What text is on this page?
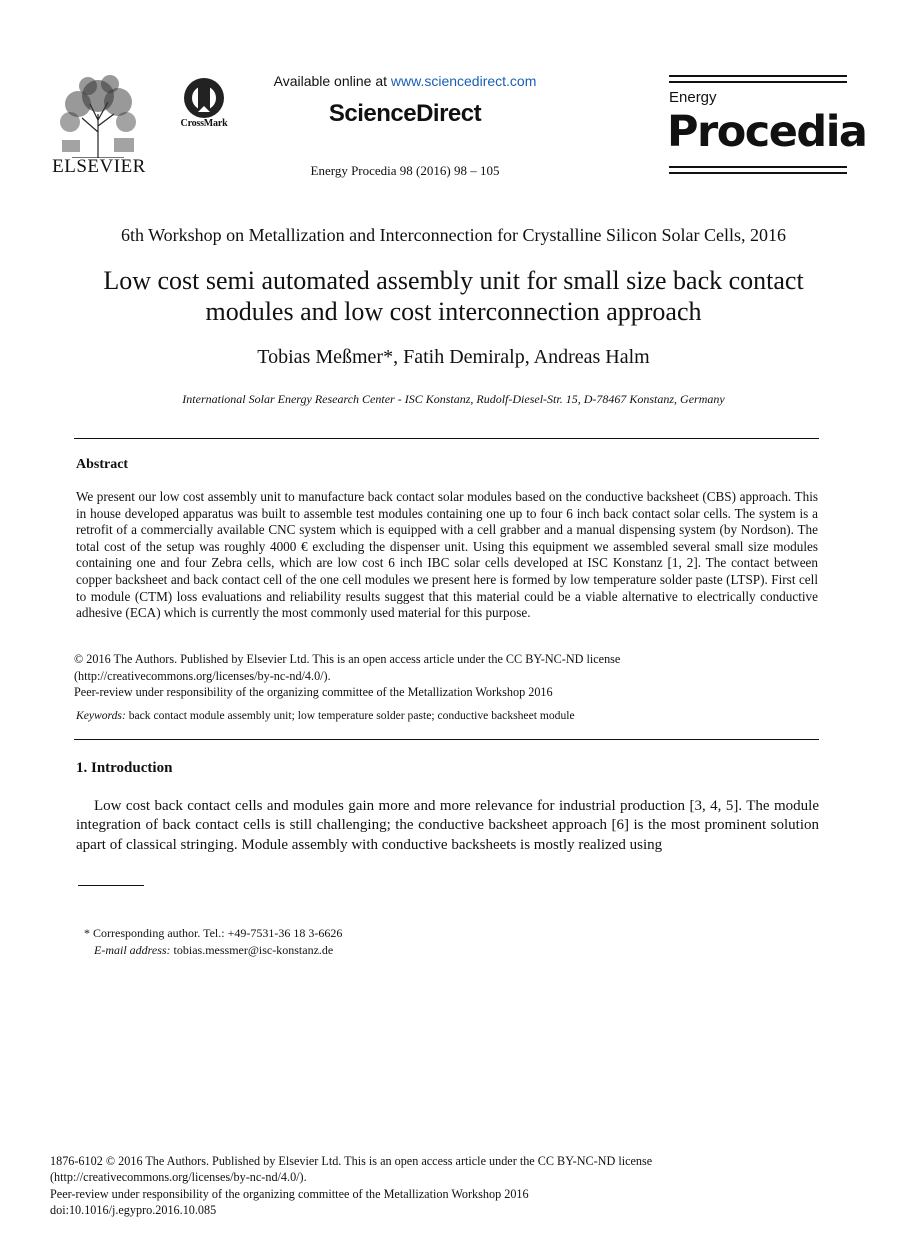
ELSEVIER
CrossMark
Available online at www.sciencedirect.com
ScienceDirect
Energy Procedia 98 (2016) 98 – 105
Energy
Procedia
6th Workshop on Metallization and Interconnection for Crystalline Silicon Solar Cells, 2016
Low cost semi automated assembly unit for small size back contact
modules and low cost interconnection approach
Tobias Meßmer*, Fatih Demiralp, Andreas Halm
International Solar Energy Research Center - ISC Konstanz, Rudolf-Diesel-Str. 15, D-78467 Konstanz, Germany
Abstract

We present our low cost assembly unit to manufacture back contact solar modules based on the conductive backsheet (CBS) approach. This in house developed apparatus was built to assemble test modules containing one up to four 6 inch back contact solar cells. The system is a retrofit of a commercially available CNC system which is equipped with a cell grabber and a manual dispensing system (by Nordson). The total cost of the setup was roughly 4000 € excluding the dispenser unit. Using this equipment we assembled several small size modules containing one and four Zebra cells, which are low cost 6 inch IBC solar cells developed at ISC Konstanz [1, 2]. The contact between copper backsheet and back contact cell of the one cell modules we present here is formed by low temperature solder paste (LTSP). First cell to module (CTM) loss evaluations and reliability results suggest that this material could be a viable alternative to electrically conductive adhesive (ECA) which is currently the most commonly used material for this purpose.

© 2016 The Authors. Published by Elsevier Ltd. This is an open access article under the CC BY-NC-ND license
(http://creativecommons.org/licenses/by-nc-nd/4.0/).
Peer-review under responsibility of the organizing committee of the Metallization Workshop 2016
Keywords: back contact module assembly unit; low temperature solder paste; conductive backsheet module
1. Introduction

Low cost back contact cells and modules gain more and more relevance for industrial production [3, 4, 5]. The module integration of back contact cells is still challenging; the conductive backsheet approach [6] is the most prominent solution apart of classical stringing. Module assembly with conductive backsheets is mostly realized using

* Corresponding author. Tel.: +49-7531-36 18 3-6626
E-mail address: tobias.messmer@isc-konstanz.de
1876-6102 © 2016 The Authors. Published by Elsevier Ltd. This is an open access article under the CC BY-NC-ND license
(http://creativecommons.org/licenses/by-nc-nd/4.0/).
Peer-review under responsibility of the organizing committee of the Metallization Workshop 2016
doi:10.1016/j.egypro.2016.10.085
